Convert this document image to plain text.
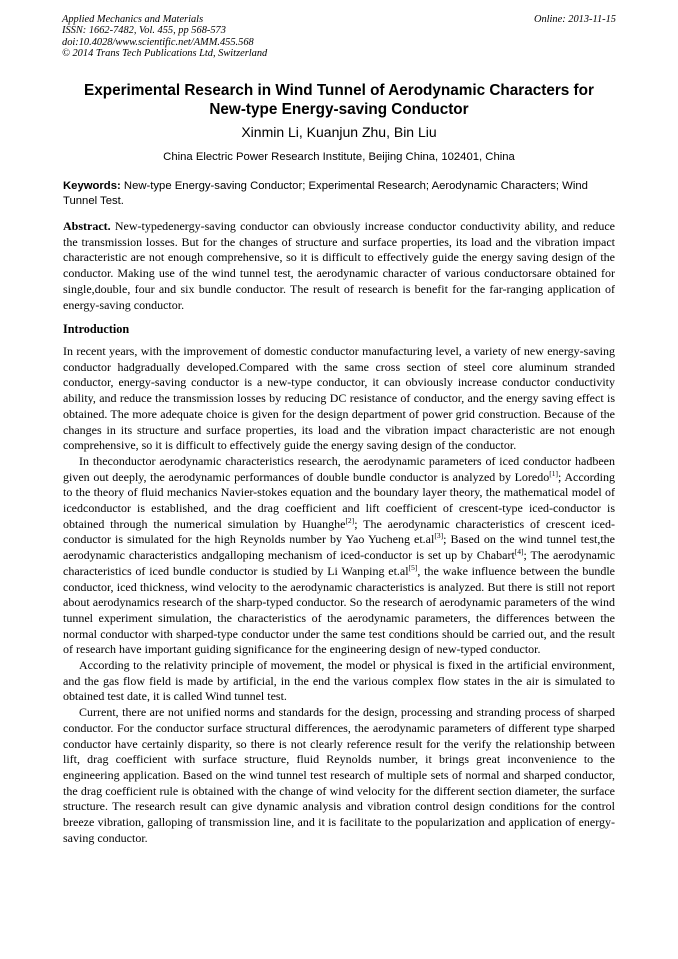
Applied Mechanics and Materials
ISSN: 1662-7482, Vol. 455, pp 568-573
doi:10.4028/www.scientific.net/AMM.455.568
© 2014 Trans Tech Publications Ltd, Switzerland
Online: 2013-11-15
Experimental Research in Wind Tunnel of Aerodynamic Characters for
New-type Energy-saving Conductor
Xinmin Li, Kuanjun Zhu, Bin Liu
China Electric Power Research Institute, Beijing China, 102401, China
Keywords: New-type Energy-saving Conductor; Experimental Research; Aerodynamic Characters; Wind Tunnel Test.
Abstract. New-typedenergy-saving conductor can obviously increase conductor conductivity ability, and reduce the transmission losses. But for the changes of structure and surface properties, its load and the vibration impact characteristic are not enough comprehensive, so it is difficult to effectively guide the energy saving design of the conductor. Making use of the wind tunnel test, the aerodynamic character of various conductorsare obtained for single,double, four and six bundle conductor. The result of research is benefit for the far-ranging application of energy-saving conductor.
Introduction

In recent years, with the improvement of domestic conductor manufacturing level, a variety of new energy-saving conductor hadgradually developed.Compared with the same cross section of steel core aluminum stranded conductor, energy-saving conductor is a new-type conductor, it can obviously increase conductor conductivity ability, and reduce the transmission losses by reducing DC resistance of conductor, and the energy saving effect is obtained. The more adequate choice is given for the design department of power grid construction. Because of the changes in its structure and surface properties, its load and the vibration impact characteristic are not enough comprehensive, so it is difficult to effectively guide the energy saving design of the conductor.

In theconductor aerodynamic characteristics research, the aerodynamic parameters of iced conductor hadbeen given out deeply, the aerodynamic performances of double bundle conductor is analyzed by Loredo[1]; According to the theory of fluid mechanics Navier-stokes equation and the boundary layer theory, the mathematical model of icedconductor is established, and the drag coefficient and lift coefficient of crescent-type iced-conductor is obtained through the numerical simulation by Huanghe[2]; The aerodynamic characteristics of crescent iced-conductor is simulated for the high Reynolds number by Yao Yucheng et.al[3]; Based on the wind tunnel test,the aerodynamic characteristics andgalloping mechanism of iced-conductor is set up by Chabart[4]; The aerodynamic characteristics of iced bundle conductor is studied by Li Wanping et.al[5], the wake influence between the bundle conductor, iced thickness, wind velocity to the aerodynamic characteristics is analyzed. But there is still not report about aerodynamics research of the sharp-typed conductor. So the research of aerodynamic parameters of the wind tunnel experiment simulation, the characteristics of the aerodynamic parameters, the differences between the normal conductor with sharped-type conductor under the same test conditions should be carried out, and the result of research have important guiding significance for the engineering design of new-typed conductor.

According to the relativity principle of movement, the model or physical is fixed in the artificial environment, and the gas flow field is made by artificial, in the end the various complex flow states in the air is simulated to obtained test date, it is called Wind tunnel test.

Current, there are not unified norms and standards for the design, processing and stranding process of sharped conductor. For the conductor surface structural differences, the aerodynamic parameters of different type sharped conductor have certainly disparity, so there is not clearly reference result for the verify the relationship between lift, drag coefficient with surface structure, fluid Reynolds number, it brings great inconvenience to the engineering application. Based on the wind tunnel test research of multiple sets of normal and sharped conductor, the drag coefficient rule is obtained with the change of wind velocity for the different section diameter, the surface structure. The research result can give dynamic analysis and vibration control design conditions for the control breeze vibration, galloping of transmission line, and it is facilitate to the popularization and application of energy-saving conductor.
